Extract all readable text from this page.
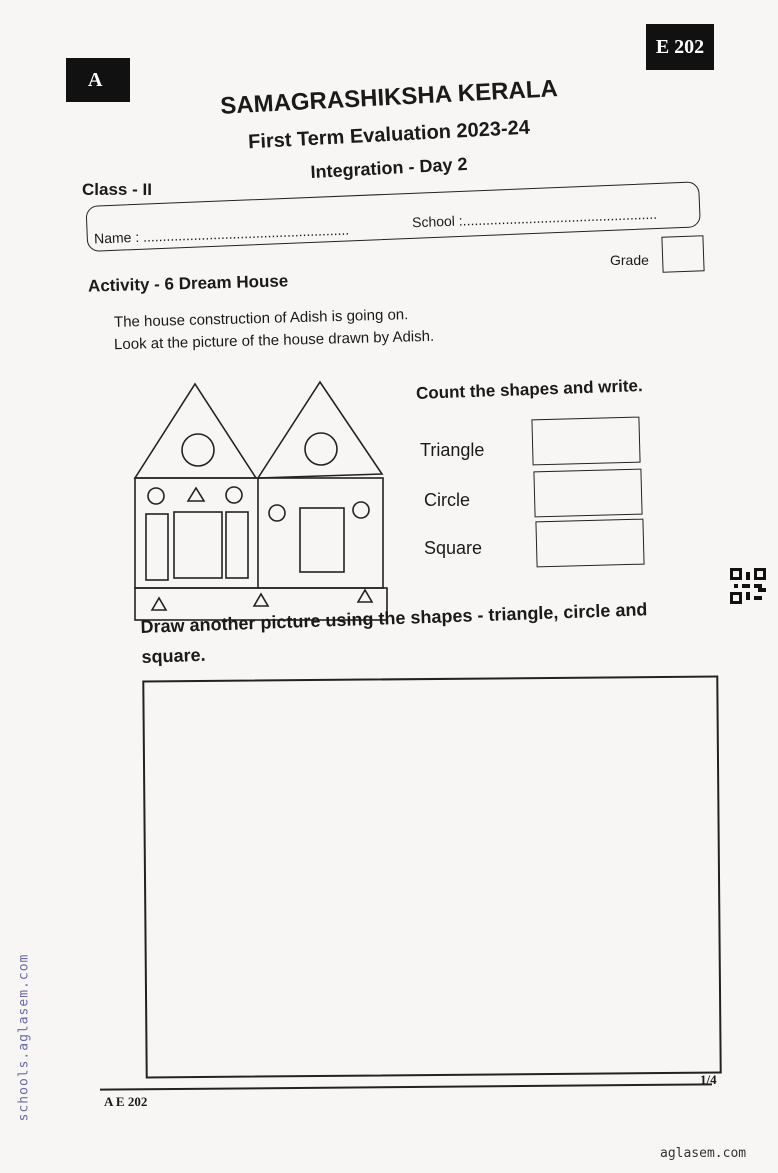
A
E 202
SAMAGRASHIKSHA KERALA
First Term Evaluation 2023-24
Integration - Day 2
Class - II
Name : .....................................................
School :..................................................
Grade
Activity - 6 Dream House
The house construction of Adish is going on.
Look at the picture of the house drawn by Adish.
Count the shapes and write.
Triangle
Circle
Square
Draw another picture using the shapes - triangle, circle and square.
1/4
A E 202
schools.aglasem.com
aglasem.com
